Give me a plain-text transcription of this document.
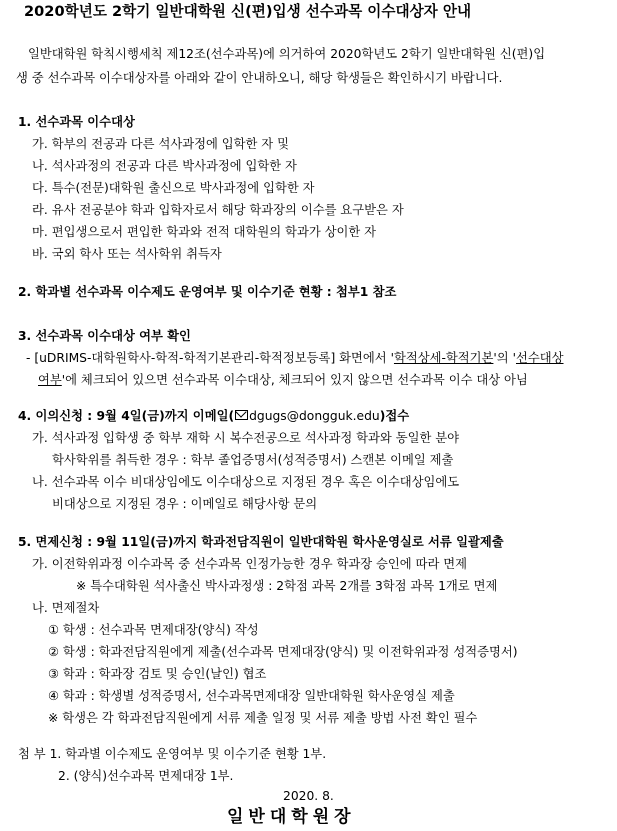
2020학년도 2학기 일반대학원 신(편)입생 선수과목 이수대상자 안내
일반대학원 학칙시행세칙 제12조(선수과목)에 의거하여 2020학년도 2학기 일반대학원 신(편)입
생 중 선수과목 이수대상자를 아래와 같이 안내하오니, 해당 학생들은 확인하시기 바랍니다.
1. 선수과목 이수대상
가. 학부의 전공과 다른 석사과정에 입학한 자 및
나. 석사과정의 전공과 다른 박사과정에 입학한 자
다. 특수(전문)대학원 출신으로 박사과정에 입학한 자
라. 유사 전공분야 학과 입학자로서 해당 학과장의 이수를 요구받은 자
마. 편입생으로서 편입한 학과와 전적 대학원의 학과가 상이한 자
바. 국외 학사 또는 석사학위 취득자
2. 학과별 선수과목 이수제도 운영여부 및 이수기준 현황 : 첨부1 참조
3. 선수과목 이수대상 여부 확인
- [uDRIMS-대학원학사-학적-학적기본관리-학적정보등록] 화면에서 '학적상세-학적기본'의 '선수대상
여부'에 체크되어 있으면 선수과목 이수대상, 체크되어 있지 않으면 선수과목 이수 대상 아님
4. 이의신청 : 9월 4일(금)까지 이메일( dgugs@dongguk.edu)접수
가. 석사과정 입학생 중 학부 재학 시 복수전공으로 석사과정 학과와 동일한 분야
학사학위를 취득한 경우 : 학부 졸업증명서(성적증명서) 스캔본 이메일 제출
나. 선수과목 이수 비대상임에도 이수대상으로 지정된 경우 혹은 이수대상임에도
비대상으로 지정된 경우 : 이메일로 해당사항 문의
5. 면제신청 : 9월 11일(금)까지 학과전담직원이 일반대학원 학사운영실로 서류 일괄제출
가. 이전학위과정 이수과목 중 선수과목 인정가능한 경우 학과장 승인에 따라 면제
※ 특수대학원 석사출신 박사과정생 : 2학점 과목 2개를 3학점 과목 1개로 면제
나. 면제절차
① 학생 : 선수과목 면제대장(양식) 작성
② 학생 : 학과전담직원에게 제출(선수과목 면제대장(양식) 및 이전학위과정 성적증명서)
③ 학과 : 학과장 검토 및 승인(날인) 협조
④ 학과 : 학생별 성적증명서, 선수과목면제대장 일반대학원 학사운영실 제출
※ 학생은 각 학과전담직원에게 서류 제출 일정 및 서류 제출 방법 사전 확인 필수
첨 부 1. 학과별 이수제도 운영여부 및 이수기준 현황 1부.
2. (양식)선수과목 면제대장 1부.
2020. 8.
일반대학원장
